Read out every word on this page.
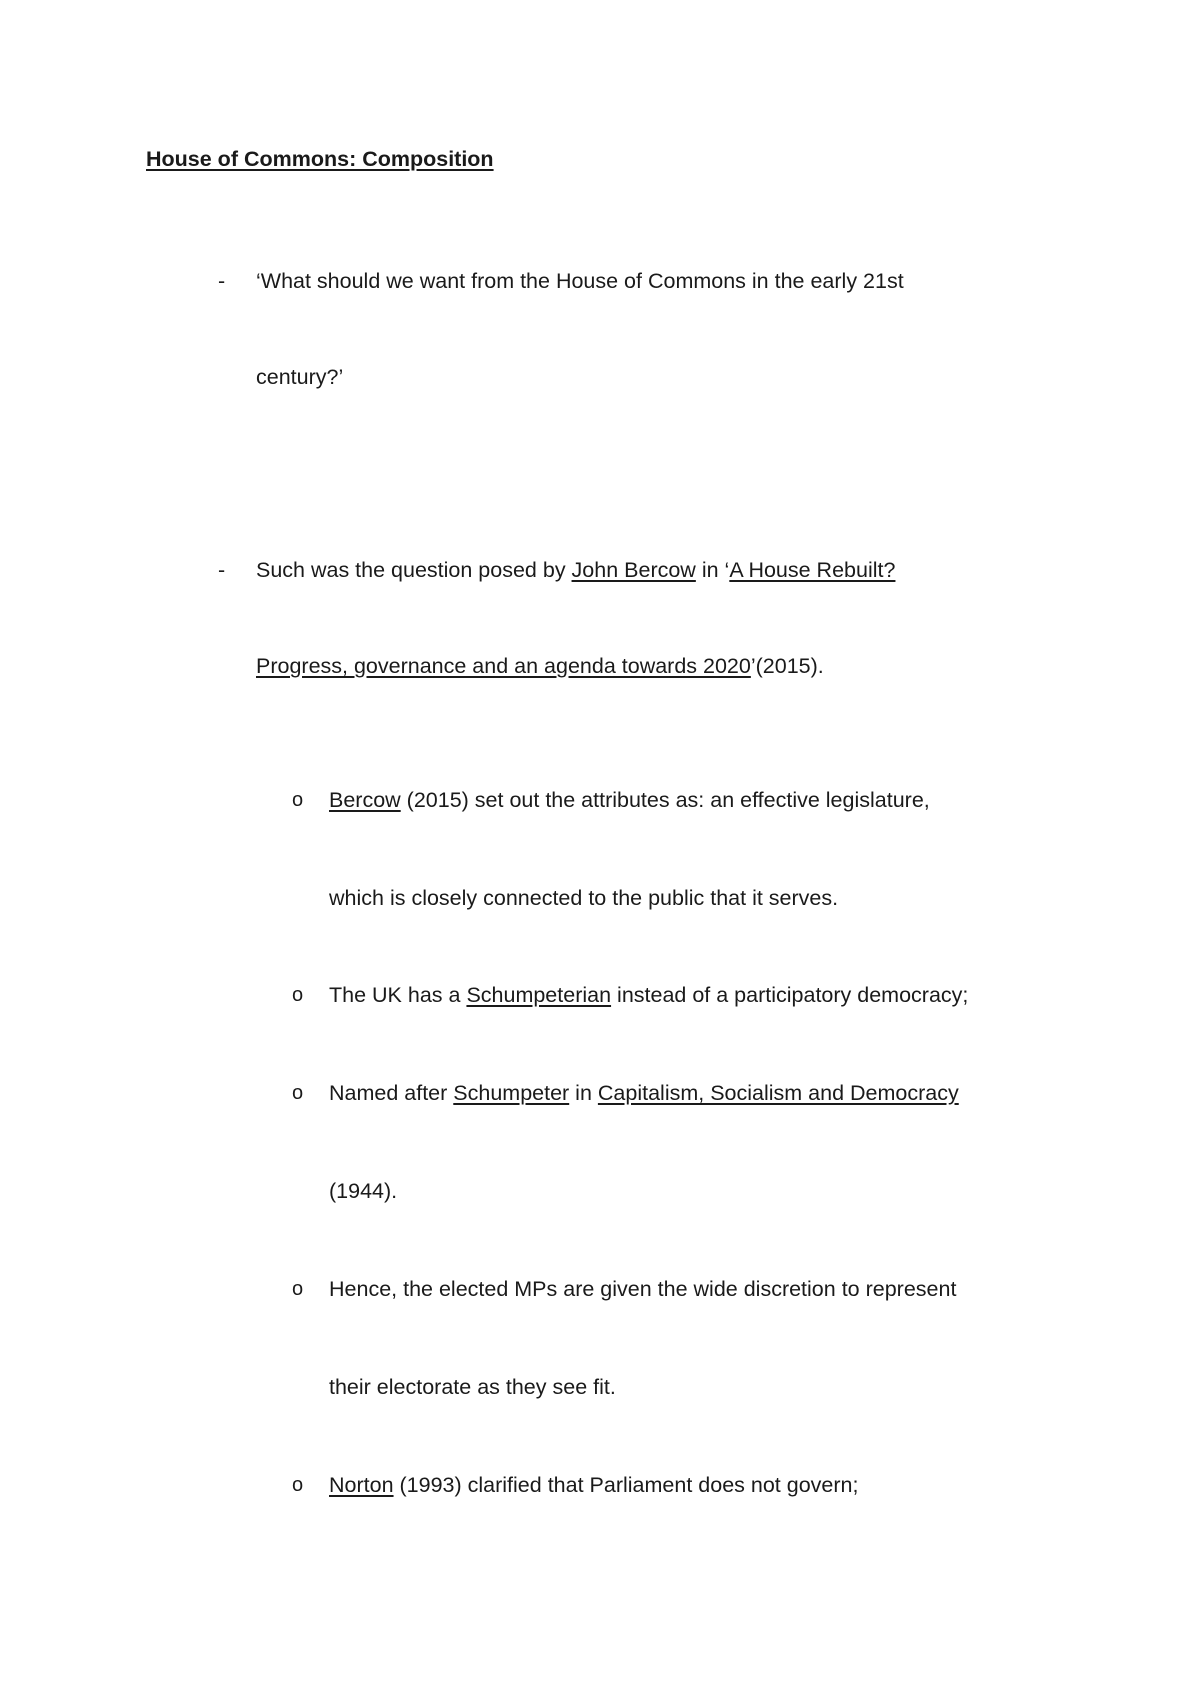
House of Commons: Composition
- ‘What should we want from the House of Commons in the early 21st
century?’
- Such was the question posed by John Bercow in ‘A House Rebuilt?
Progress, governance and an agenda towards 2020’(2015).
o Bercow (2015) set out the attributes as: an effective legislature,
which is closely connected to the public that it serves.
o The UK has a Schumpeterian instead of a participatory democracy;
o Named after Schumpeter in Capitalism, Socialism and Democracy
(1944).
o Hence, the elected MPs are given the wide discretion to represent
their electorate as they see fit.
o Norton (1993) clarified that Parliament does not govern;
